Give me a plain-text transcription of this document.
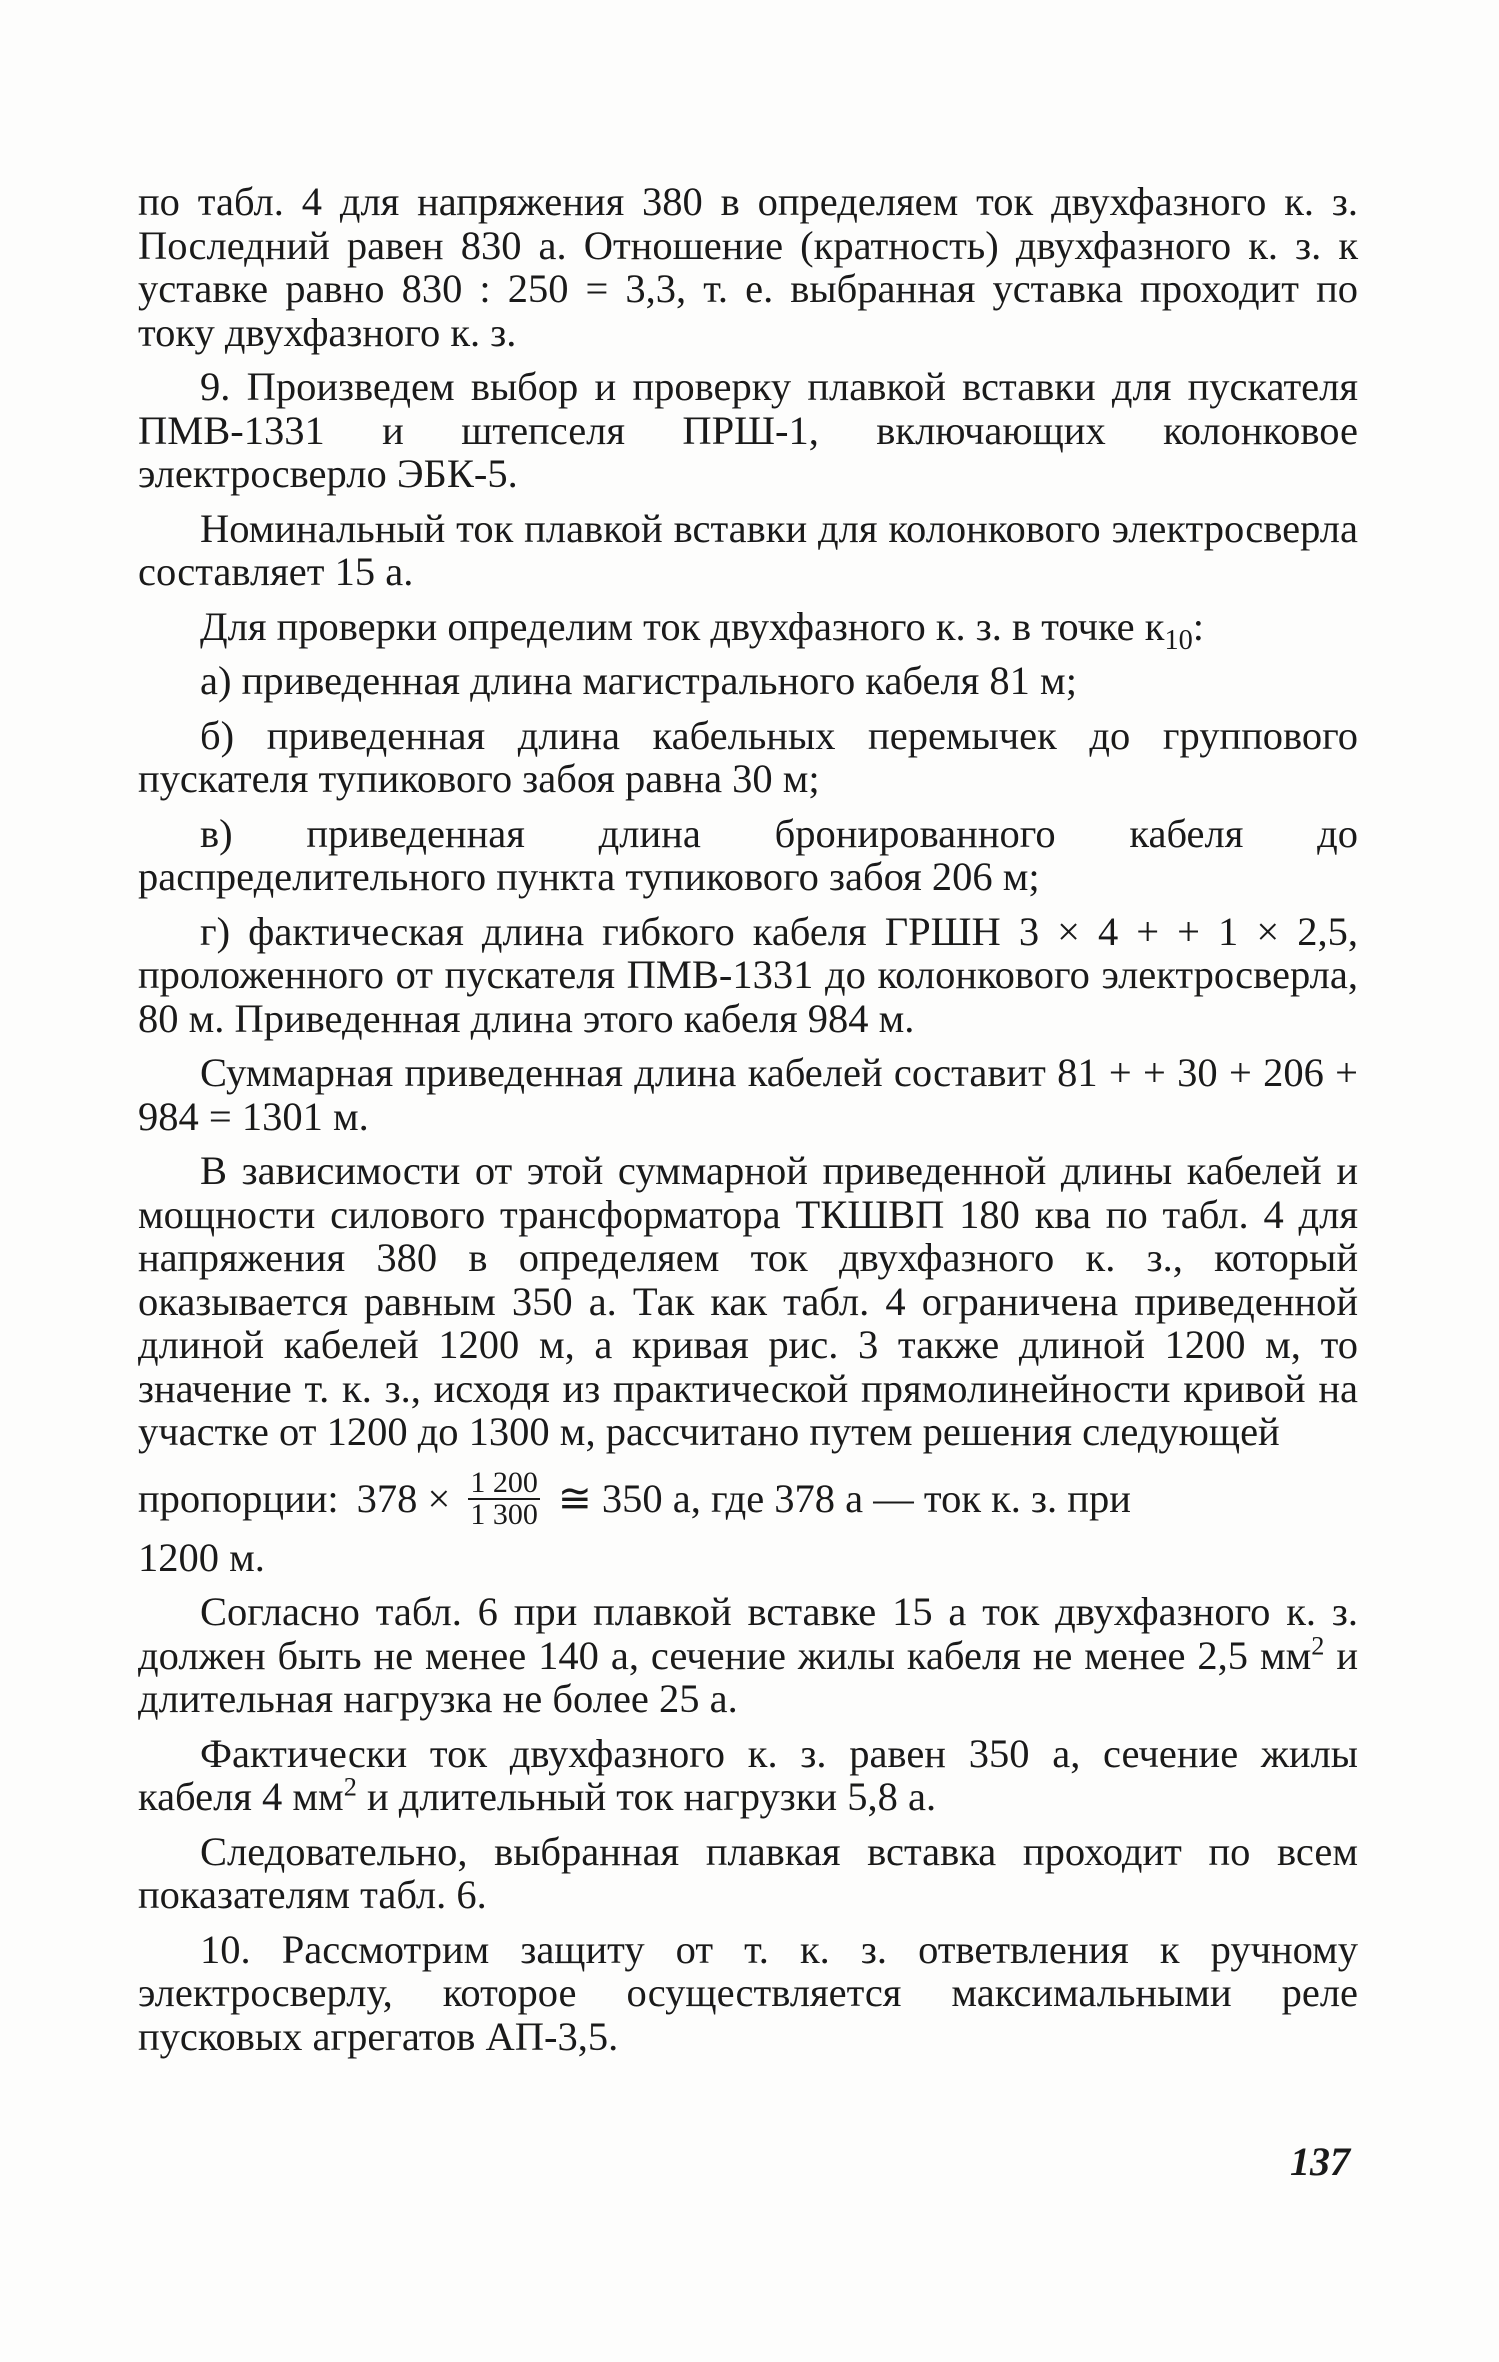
по табл. 4 для напряжения 380 в определяем ток двухфазного к. з. Последний равен 830 а. Отношение (кратность) двухфазного к. з. к уставке равно 830 : 250 = 3,3, т. е. выбранная уставка проходит по току двухфазного к. з.

9. Произведем выбор и проверку плавкой вставки для пускателя ПМВ-1331 и штепселя ПРШ-1, включающих колонковое электросверло ЭБК-5.

Номинальный ток плавкой вставки для колонкового электросверла составляет 15 а.

Для проверки определим ток двухфазного к. з. в точке $к_{10}$:

а) приведенная длина магистрального кабеля 81 м;

б) приведенная длина кабельных перемычек до группового пускателя тупикового забоя равна 30 м;

в) приведенная длина бронированного кабеля до распределительного пункта тупикового забоя 206 м;

г) фактическая длина гибкого кабеля ГРШН 3 × 4 + + 1 × 2,5, проложенного от пускателя ПМВ-1331 до колонкового электросверла, 80 м. Приведенная длина этого кабеля 984 м.

Суммарная приведенная длина кабелей составит 81 + + 30 + 206 + 984 = 1301 м.

В зависимости от этой суммарной приведенной длины кабелей и мощности силового трансформатора ТКШВП 180 ква по табл. 4 для напряжения 380 в определяем ток двухфазного к. з., который оказывается равным 350 а. Так как табл. 4 ограничена приведенной длиной кабелей 1200 м, а кривая рис. 3 также длиной 1200 м, то значение т. к. з., исходя из практической прямолинейности кривой на участке от 1200 до 1300 м, рассчитано путем решения следующей

пропорции: $378 \times \frac{1 200}{1 300}$ ≅ 350 а, где 378 а — ток к. з. при

1200 м.

Согласно табл. 6 при плавкой вставке 15 а ток двухфазного к. з. должен быть не менее 140 а, сечение жилы кабеля не менее 2,5 $мм^2$ и длительная нагрузка не более 25 а.

Фактически ток двухфазного к. з. равен 350 а, сечение жилы кабеля 4 $мм^2$ и длительный ток нагрузки 5,8 а.

Следовательно, выбранная плавкая вставка проходит по всем показателям табл. 6.

10. Рассмотрим защиту от т. к. з. ответвления к ручному электросверлу, которое осуществляется максимальными реле пусковых агрегатов АП-3,5.

137
